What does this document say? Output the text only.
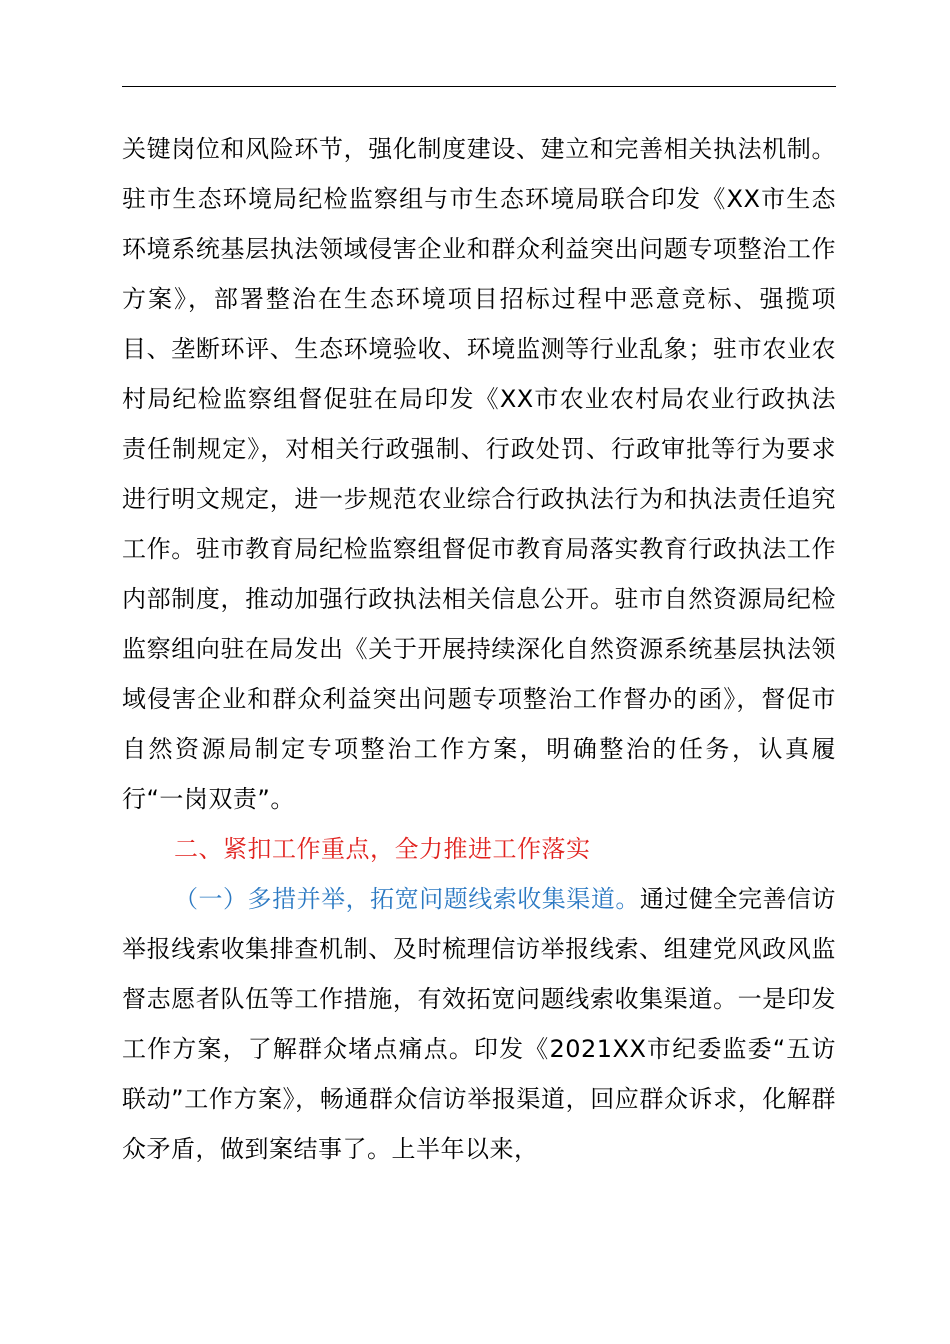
关键岗位和风险环节，强化制度建设、建立和完善相关执法机制。驻市生态环境局纪检监察组与市生态环境局联合印发《XX市生态环境系统基层执法领域侵害企业和群众利益突出问题专项整治工作方案》，部署整治在生态环境项目招标过程中恶意竞标、强揽项目、垄断环评、生态环境验收、环境监测等行业乱象；驻市农业农村局纪检监察组督促驻在局印发《XX市农业农村局农业行政执法责任制规定》，对相关行政强制、行政处罚、行政审批等行为要求进行明文规定，进一步规范农业综合行政执法行为和执法责任追究工作。驻市教育局纪检监察组督促市教育局落实教育行政执法工作内部制度，推动加强行政执法相关信息公开。驻市自然资源局纪检监察组向驻在局发出《关于开展持续深化自然资源系统基层执法领域侵害企业和群众利益突出问题专项整治工作督办的函》，督促市自然资源局制定专项整治工作方案，明确整治的任务，认真履行“一岗双责”。

二、紧扣工作重点，全力推进工作落实

（一）多措并举，拓宽问题线索收集渠道。通过健全完善信访举报线索收集排查机制、及时梳理信访举报线索、组建党风政风监督志愿者队伍等工作措施，有效拓宽问题线索收集渠道。一是印发工作方案，了解群众堵点痛点。印发《2021XX市纪委监委“五访联动”工作方案》，畅通群众信访举报渠道，回应群众诉求，化解群众矛盾，做到案结事了。上半年以来，
